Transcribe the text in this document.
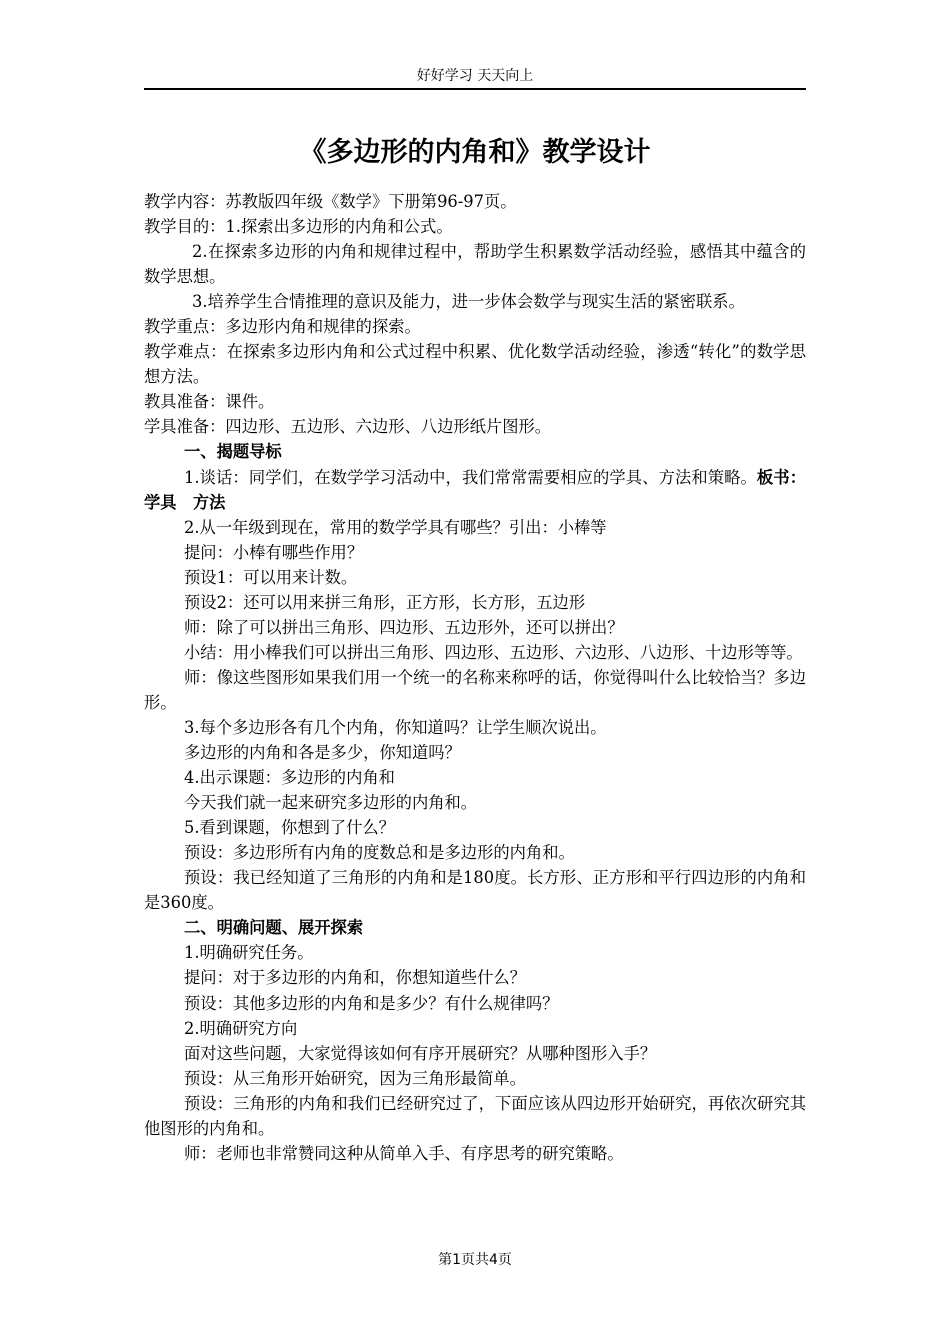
好好学习 天天向上
《多边形的内角和》教学设计

教学内容：苏教版四年级《数学》下册第96-97页。

教学目的：1.探索出多边形的内角和公式。

2.在探索多边形的内角和规律过程中，帮助学生积累数学活动经验，感悟其中蕴含的数学思想。

3.培养学生合情推理的意识及能力，进一步体会数学与现实生活的紧密联系。

教学重点：多边形内角和规律的探索。

教学难点：在探索多边形内角和公式过程中积累、优化数学活动经验，渗透“转化”的数学思想方法。

教具准备：课件。

学具准备：四边形、五边形、六边形、八边形纸片图形。

一、揭题导标

1.谈话：同学们，在数学学习活动中，我们常常需要相应的学具、方法和策略。板书：学具　方法

2.从一年级到现在，常用的数学学具有哪些？引出：小棒等

提问：小棒有哪些作用？

预设1：可以用来计数。

预设2：还可以用来拼三角形，正方形，长方形，五边形

师：除了可以拼出三角形、四边形、五边形外，还可以拼出？

小结：用小棒我们可以拼出三角形、四边形、五边形、六边形、八边形、十边形等等。

师：像这些图形如果我们用一个统一的名称来称呼的话，你觉得叫什么比较恰当？多边形。

3.每个多边形各有几个内角，你知道吗？让学生顺次说出。

多边形的内角和各是多少，你知道吗？

4.出示课题：多边形的内角和

今天我们就一起来研究多边形的内角和。

5.看到课题，你想到了什么？

预设：多边形所有内角的度数总和是多边形的内角和。

预设：我已经知道了三角形的内角和是180度。长方形、正方形和平行四边形的内角和是360度。

二、明确问题、展开探索

1.明确研究任务。

提问：对于多边形的内角和，你想知道些什么？

预设：其他多边形的内角和是多少？有什么规律吗？

2.明确研究方向

面对这些问题，大家觉得该如何有序开展研究？从哪种图形入手？

预设：从三角形开始研究，因为三角形最简单。

预设：三角形的内角和我们已经研究过了，下面应该从四边形开始研究，再依次研究其他图形的内角和。

师：老师也非常赞同这种从简单入手、有序思考的研究策略。

第1页共4页
